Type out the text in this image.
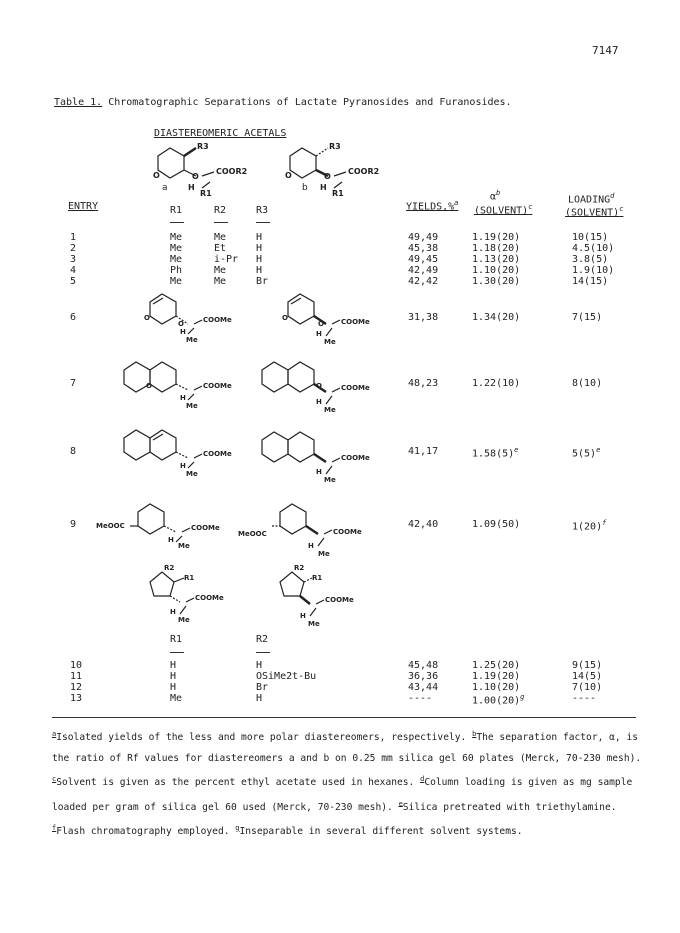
7147
Table 1. Chromatographic Separations of Lactate Pyranosides and Furanosides.
DIASTEREOMERIC ACETALS
R3
O	O
COOR2
H
R1
a
R3
O	O
COOR2
H
R1
b
ENTRY	R1	R2	R3	YIELDS,%$^a$
$\alpha^b$
(SOLVENT)$^c$
LOADING$^d$
(SOLVENT)$^c$
1	Me	Me	H	49,49	1.19(20)	10(15)
2	Me	Et	H	45,38	1.18(20)	4.5(10)
3	Me	i-Pr H	49,45	1.13(20)	3.8(5)
4	Ph	Me	H	42,49	1.10(20)	1.9(10)
5	Me	Me	Br	42,42	1.30(20)	14(15)
6	31,38	1.34(20)	7(15)
7	48,23	1.22(10)	8(10)
8	41,17	$1.58(5)^e$	$5(5)^e$
9	42,40	1.09(50)	$1(20)^f$
O
O	COOMe
H
Me
O
O COOMe
H
Me
O	COOMe
H
Me
O	COOMe
H
Me
COOMe
H
Me
COOMe
H
Me
MeOOC	COOMe
H
Me
MeOOC	COOMe
H
Me
R2
R1
COOMe
H
Me
R2
R1
COOMe
H
Me
R1	R2
10	H	H	45,48	1.25(20)	9(15)
11	H	OSiMe2t-Bu	36,36	1.19(20)	14(5)
12	H	Br	43,44	1.10(20)	7(10)
13	Me	H	----	$1.00(20)^g$	----
$^a$Isolated yields of the less and more polar diastereomers, respectively. $^b$The separation factor, α, is the ratio of Rf values for diastereomers a and b on 0.25 mm silica gel 60 plates (Merck, 70-230 mesh). $^c$Solvent is given as the percent ethyl acetate used in hexanes. $^d$Column loading is given as mg sample loaded per gram of silica gel 60 used (Merck, 70-230 mesh). $^e$Silica pretreated with triethylamine. $^f$Flash chromatography employed. $^g$Inseparable in several different solvent systems.
